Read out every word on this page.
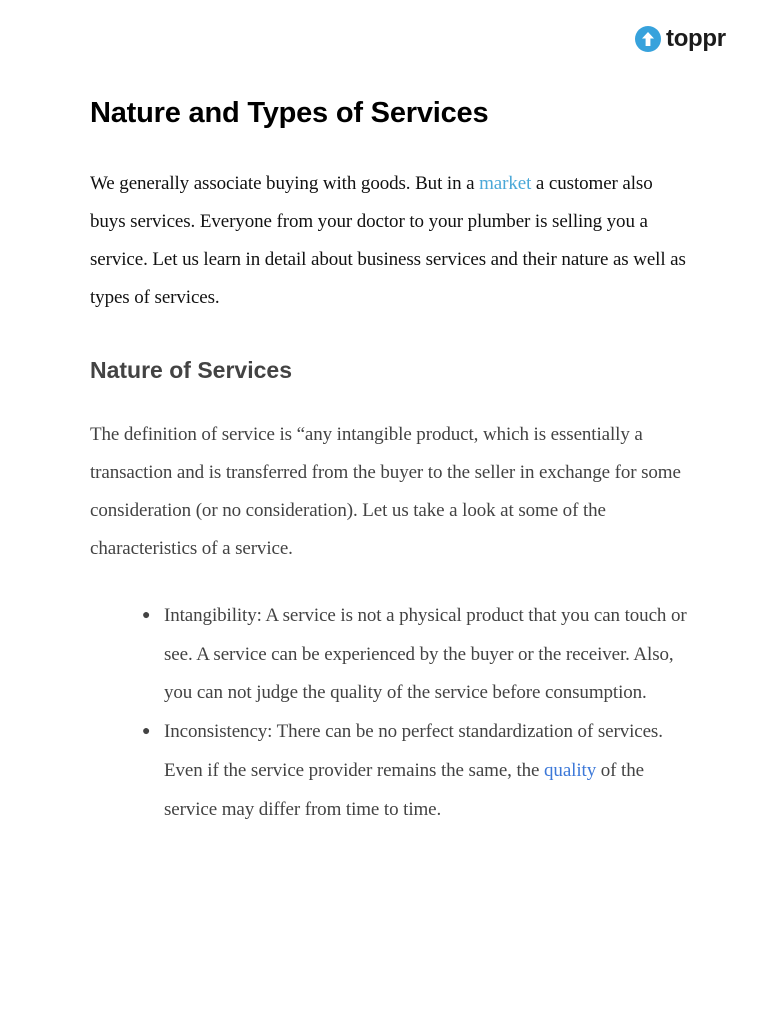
toppr
Nature and Types of Services

We generally associate buying with goods. But in a market a customer also buys services. Everyone from your doctor to your plumber is selling you a service. Let us learn in detail about business services and their nature as well as types of services.

Nature of Services

The definition of service is “any intangible product, which is essentially a transaction and is transferred from the buyer to the seller in exchange for some consideration (or no consideration). Let us take a look at some of the characteristics of a service.

● Intangibility: A service is not a physical product that you can touch or see. A service can be experienced by the buyer or the receiver. Also, you can not judge the quality of the service before consumption.
● Inconsistency: There can be no perfect standardization of services. Even if the service provider remains the same, the quality of the service may differ from time to time.
